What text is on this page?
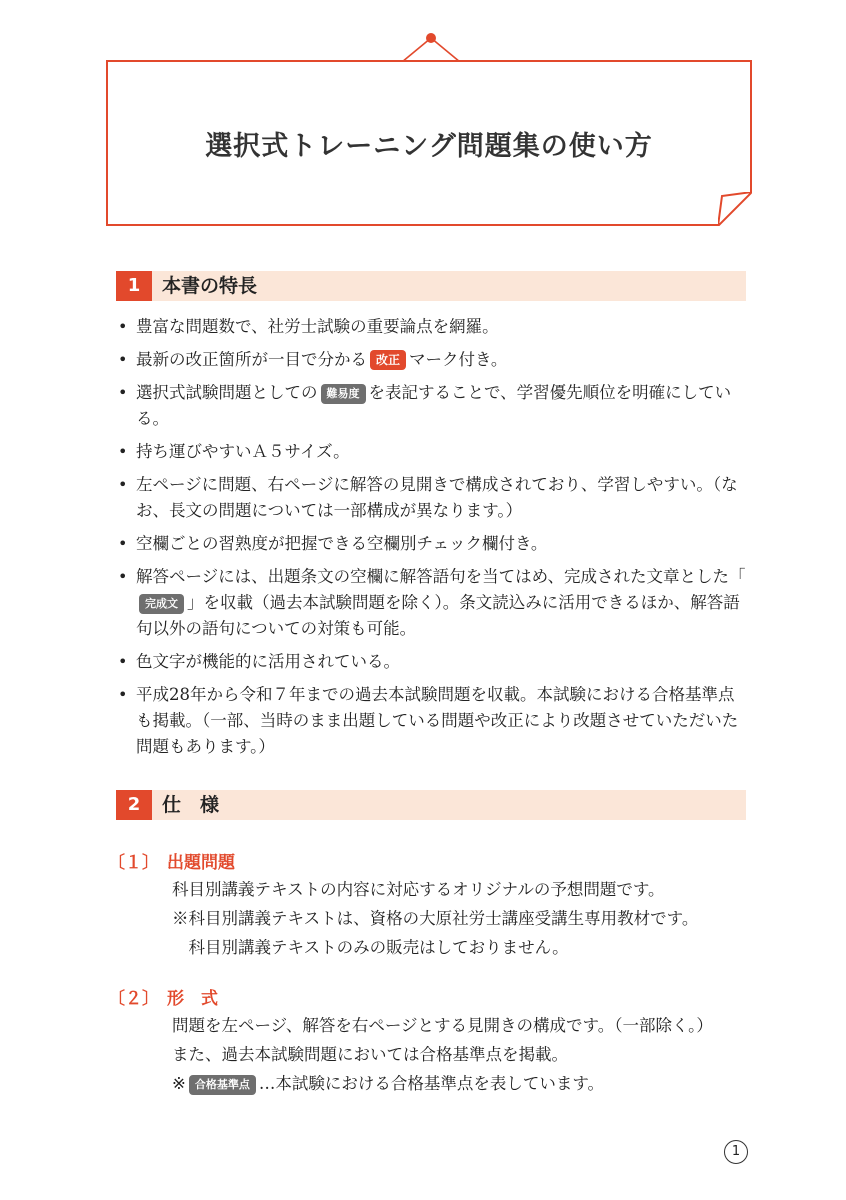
選択式トレーニング問題集の使い方
1	本書の特長
• 豊富な問題数で、社労士試験の重要論点を網羅。
• 最新の改正箇所が一目で分かる 改正 マーク付き。
• 選択式試験問題としての 難易度 を表記することで、学習優先順位を明確にしている。
• 持ち運びやすいＡ５サイズ。
• 左ページに問題、右ページに解答の見開きで構成されており、学習しやすい。（なお、長文の問題については一部構成が異なります。）
• 空欄ごとの習熟度が把握できる空欄別チェック欄付き。
• 解答ページには、出題条文の空欄に解答語句を当てはめ、完成された文章とした「完成文 」を収載（過去本試験問題を除く）。条文読込みに活用できるほか、解答語句以外の語句についての対策も可能。
• 色文字が機能的に活用されている。
• 平成28年から令和７年までの過去本試験問題を収載。本試験における合格基準点も掲載。（一部、当時のまま出題している問題や改正により改題させていただいた問題もあります。）
2	仕　様
〔１〕 出題問題
科目別講義テキストの内容に対応するオリジナルの予想問題です。
※科目別講義テキストは、資格の大原社労士講座受講生専用教材です。
　科目別講義テキストのみの販売はしておりません。
〔２〕 形　式
問題を左ページ、解答を右ページとする見開きの構成です。（一部除く。）
また、過去本試験問題においては合格基準点を掲載。
※ 合格基準点 …本試験における合格基準点を表しています。
1
